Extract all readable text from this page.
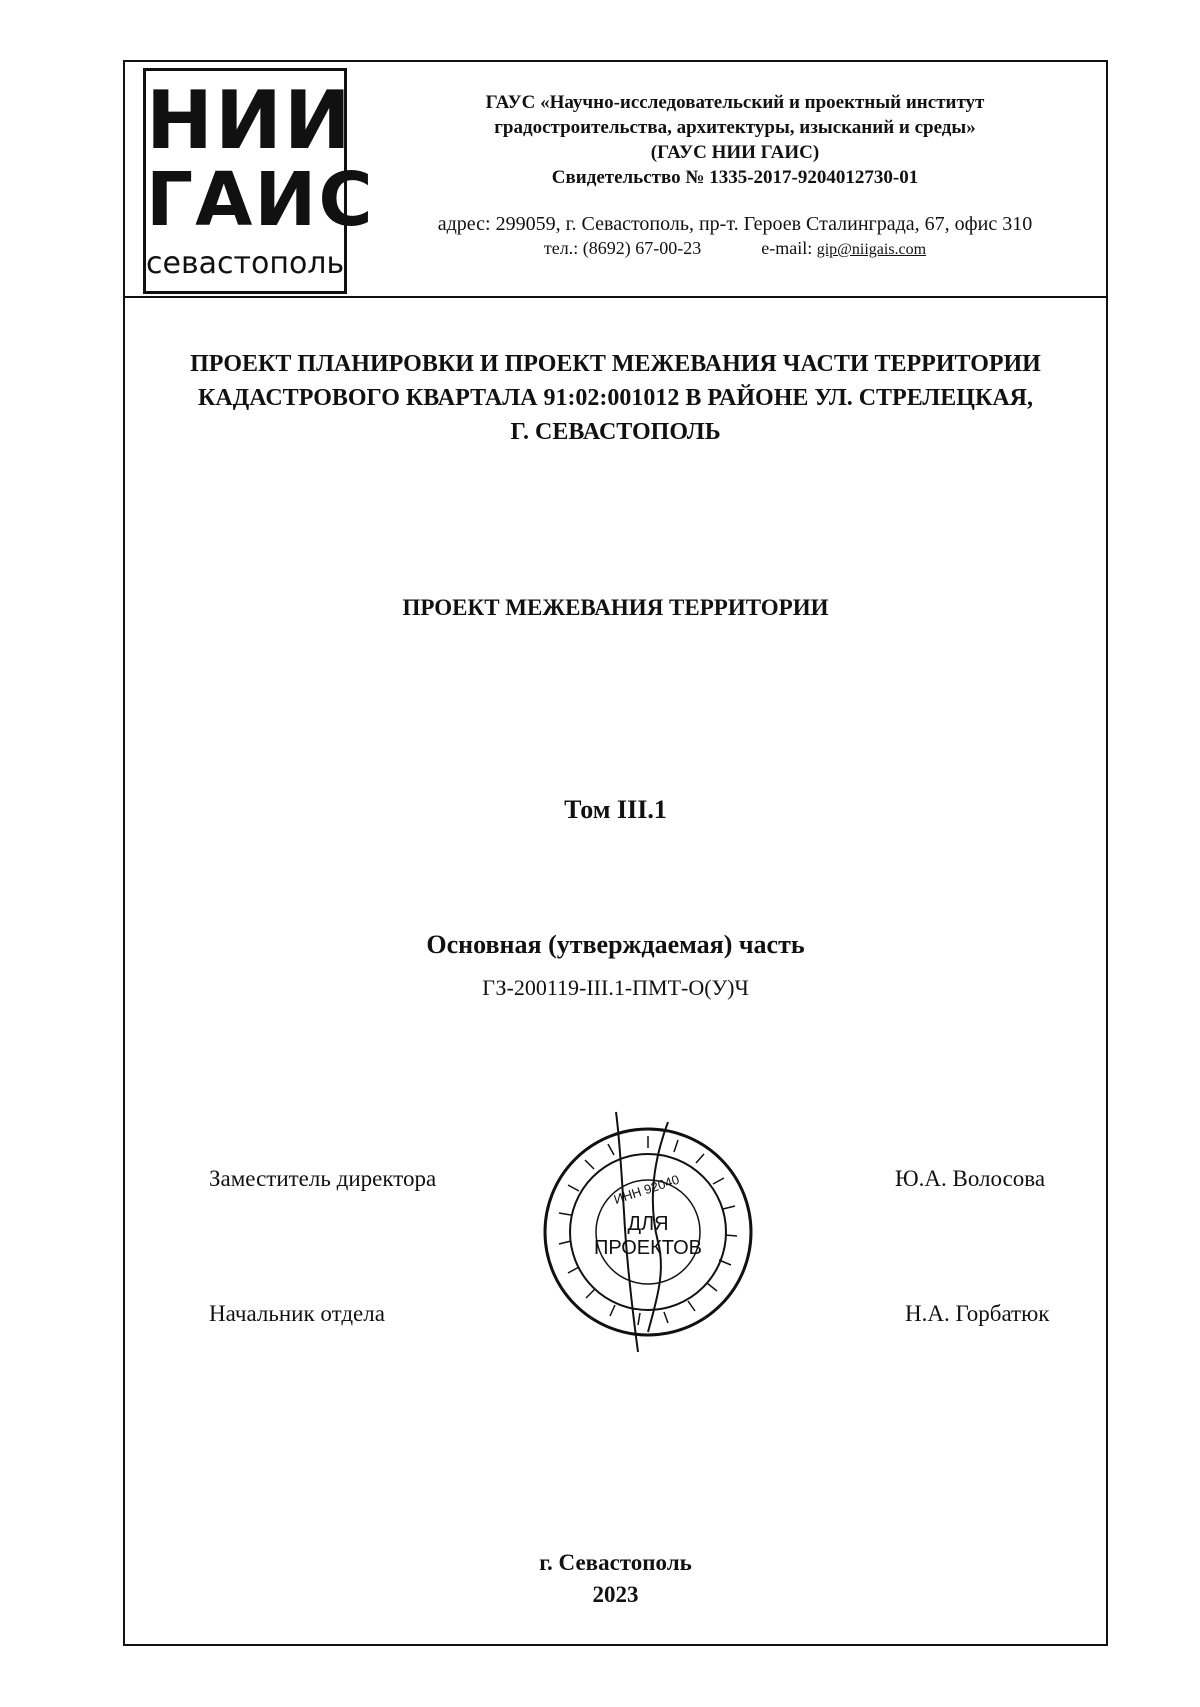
НИИ
ГАИС
севастополь
ГАУС «Научно-исследовательский и проектный институт
градостроительства, архитектуры, изысканий и среды»
(ГАУС НИИ ГАИС)
Свидетельство № 1335-2017-9204012730-01
адрес: 299059, г. Севастополь, пр-т. Героев Сталинграда, 67, офис 310
тел.: (8692) 67-00-23	e-mail: gip@niigais.com
ПРОЕКТ ПЛАНИРОВКИ И ПРОЕКТ МЕЖЕВАНИЯ ЧАСТИ ТЕРРИТОРИИ
КАДАСТРОВОГО КВАРТАЛА 91:02:001012 В РАЙОНЕ УЛ. СТРЕЛЕЦКАЯ,
Г. СЕВАСТОПОЛЬ
ПРОЕКТ МЕЖЕВАНИЯ ТЕРРИТОРИИ
Том III.1
Основная (утверждаемая) часть
ГЗ-200119-III.1-ПМТ-О(У)Ч
Заместитель директора	Ю.А. Волосова
Начальник отдела	Н.А. Горбатюк
ИНН 92040
ДЛЯ
ПРОЕКТОВ
г. Севастополь
2023
